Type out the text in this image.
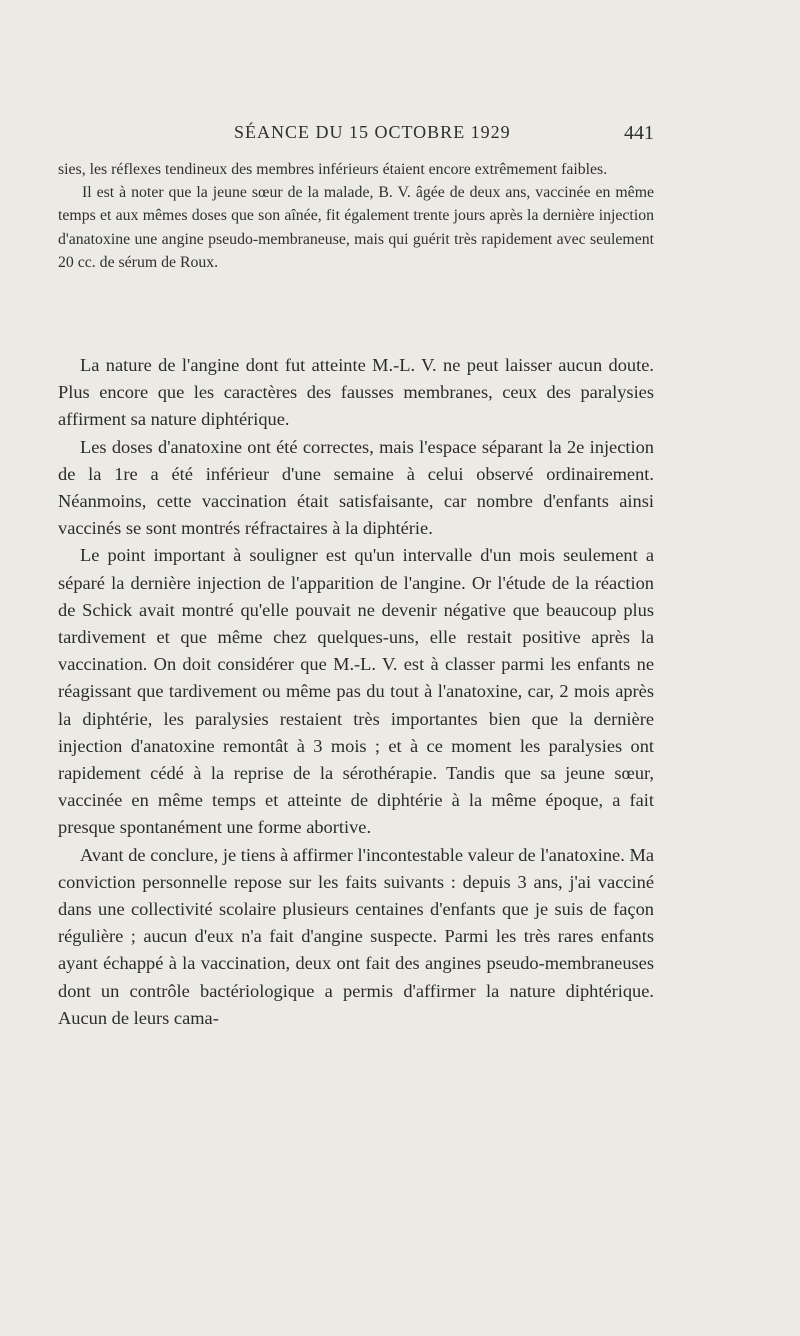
SÉANCE DU 15 OCTOBRE 1929	441

sies, les réflexes tendineux des membres inférieurs étaient encore extrêmement faibles.

Il est à noter que la jeune sœur de la malade, B. V. âgée de deux ans, vaccinée en même temps et aux mêmes doses que son aînée, fit également trente jours après la dernière injection d'anatoxine une angine pseudo-membraneuse, mais qui guérit très rapidement avec seulement 20 cc. de sérum de Roux.

La nature de l'angine dont fut atteinte M.-L. V. ne peut laisser aucun doute. Plus encore que les caractères des fausses membranes, ceux des paralysies affirment sa nature diphtérique.

Les doses d'anatoxine ont été correctes, mais l'espace séparant la 2e injection de la 1re a été inférieur d'une semaine à celui observé ordinairement. Néanmoins, cette vaccination était satisfaisante, car nombre d'enfants ainsi vaccinés se sont montrés réfractaires à la diphtérie.

Le point important à souligner est qu'un intervalle d'un mois seulement a séparé la dernière injection de l'apparition de l'angine. Or l'étude de la réaction de Schick avait montré qu'elle pouvait ne devenir négative que beaucoup plus tardivement et que même chez quelques-uns, elle restait positive après la vaccination. On doit considérer que M.-L. V. est à classer parmi les enfants ne réagissant que tardivement ou même pas du tout à l'anatoxine, car, 2 mois après la diphtérie, les paralysies restaient très importantes bien que la dernière injection d'anatoxine remontât à 3 mois ; et à ce moment les paralysies ont rapidement cédé à la reprise de la sérothérapie. Tandis que sa jeune sœur, vaccinée en même temps et atteinte de diphtérie à la même époque, a fait presque spontanément une forme abortive.

Avant de conclure, je tiens à affirmer l'incontestable valeur de l'anatoxine. Ma conviction personnelle repose sur les faits suivants : depuis 3 ans, j'ai vacciné dans une collectivité scolaire plusieurs centaines d'enfants que je suis de façon régulière ; aucun d'eux n'a fait d'angine suspecte. Parmi les très rares enfants ayant échappé à la vaccination, deux ont fait des angines pseudo-membraneuses dont un contrôle bactériologique a permis d'affirmer la nature diphtérique. Aucun de leurs cama-
